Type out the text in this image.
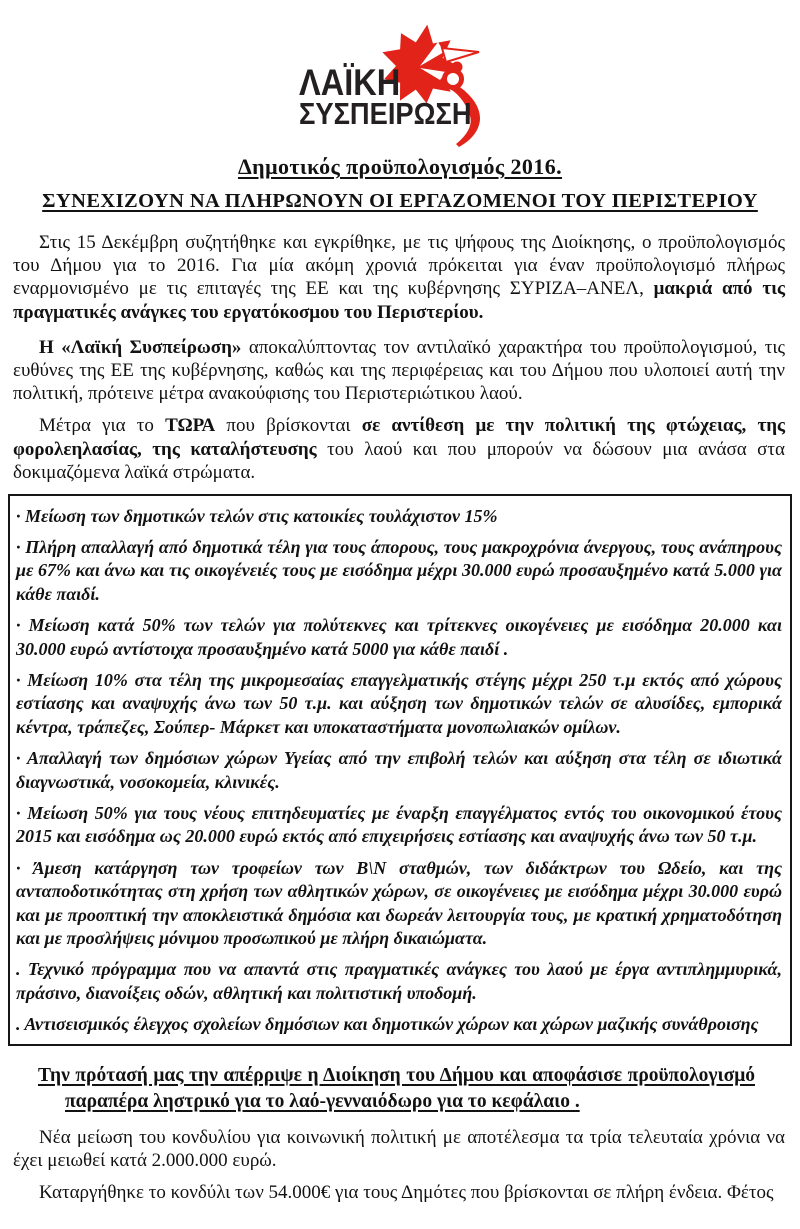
ΛΑΪΚΗ
ΣΥΣΠΕΙΡΩΣΗ
Δημοτικός προϋπολογισμός 2016.
ΣΥΝΕΧΙΖΟΥΝ ΝΑ ΠΛΗΡΩΝΟΥΝ ΟΙ ΕΡΓΑΖΟΜΕΝΟΙ ΤΟΥ ΠΕΡΙΣΤΕΡΙΟΥ

Στις 15 Δεκέμβρη συζητήθηκε και εγκρίθηκε, με τις ψήφους της Διοίκησης, ο προϋπολογισμός του Δήμου για το 2016. Για μία ακόμη χρονιά πρόκειται για έναν προϋπολογισμό πλήρως εναρμονισμένο με τις επιταγές της ΕΕ και της κυβέρνησης ΣΥΡΙΖΑ–ΑΝΕΛ, μακριά από τις πραγματικές ανάγκες του εργατόκοσμου του Περιστερίου.

Η «Λαϊκή Συσπείρωση» αποκαλύπτοντας τον αντιλαϊκό χαρακτήρα του προϋπολογισμού, τις ευθύνες της ΕΕ της κυβέρνησης, καθώς και της περιφέρειας και του Δήμου που υλοποιεί αυτή την πολιτική, πρότεινε μέτρα ανακούφισης του Περιστεριώτικου λαού.

Μέτρα για το ΤΩΡΑ που βρίσκονται σε αντίθεση με την πολιτική της φτώχειας, της φορολεηλασίας, της καταλήστευσης του λαού και που μπορούν να δώσουν μια ανάσα στα δοκιμαζόμενα λαϊκά στρώματα.

· Μείωση των δημοτικών τελών στις κατοικίες τουλάχιστον 15%

· Πλήρη απαλλαγή από δημοτικά τέλη για τους άπορους, τους μακροχρόνια άνεργους, τους ανάπηρους με 67% και άνω και τις οικογένειές τους με εισόδημα μέχρι 30.000 ευρώ προσαυξημένο κατά 5.000 για κάθε παιδί.

· Μείωση κατά 50% των τελών για πολύτεκνες και τρίτεκνες οικογένειες με εισόδημα 20.000 και 30.000 ευρώ αντίστοιχα προσαυξημένο κατά 5000 για κάθε παιδί .

· Μείωση 10% στα τέλη της μικρομεσαίας επαγγελματικής στέγης μέχρι 250 τ.μ εκτός από χώρους εστίασης και αναψυχής άνω των 50 τ.μ. και αύξηση των δημοτικών τελών σε αλυσίδες, εμπορικά κέντρα, τράπεζες, Σούπερ- Μάρκετ και υποκαταστήματα μονοπωλιακών ομίλων.

· Απαλλαγή των δημόσιων χώρων Υγείας από την επιβολή τελών και αύξηση στα τέλη σε ιδιωτικά διαγνωστικά, νοσοκομεία, κλινικές.

· Μείωση 50% για τους νέους επιτηδευματίες με έναρξη επαγγέλματος εντός του οικονομικού έτους 2015 και εισόδημα ως 20.000 ευρώ εκτός από επιχειρήσεις εστίασης και αναψυχής άνω των 50 τ.μ.

· Άμεση κατάργηση των τροφείων των Β\Ν σταθμών, των διδάκτρων του Ωδείο, και της ανταποδοτικότητας στη χρήση των αθλητικών χώρων, σε οικογένειες με εισόδημα μέχρι 30.000 ευρώ και με προοπτική την αποκλειστικά δημόσια και δωρεάν λειτουργία τους, με κρατική χρηματοδότηση και με προσλήψεις μόνιμου προσωπικού με πλήρη δικαιώματα.

. Τεχνικό πρόγραμμα που να απαντά στις πραγματικές ανάγκες του λαού με έργα αντιπλημμυρικά, πράσινο, διανοίξεις οδών, αθλητική και πολιτιστική υποδομή.

. Αντισεισμικός έλεγχος σχολείων δημόσιων και δημοτικών χώρων και χώρων μαζικής συνάθροισης

Την πρότασή μας την απέρριψε η Διοίκηση του Δήμου και αποφάσισε προϋπολογισμό παραπέρα ληστρικό για το λαό-γενναιόδωρο για το κεφάλαιο .

Νέα μείωση του κονδυλίου για κοινωνική πολιτική με αποτέλεσμα τα τρία τελευταία χρόνια να έχει μειωθεί κατά 2.000.000 ευρώ.

Καταργήθηκε το κονδύλι των 54.000€ για τους Δημότες που βρίσκονται σε πλήρη ένδεια. Φέτος
